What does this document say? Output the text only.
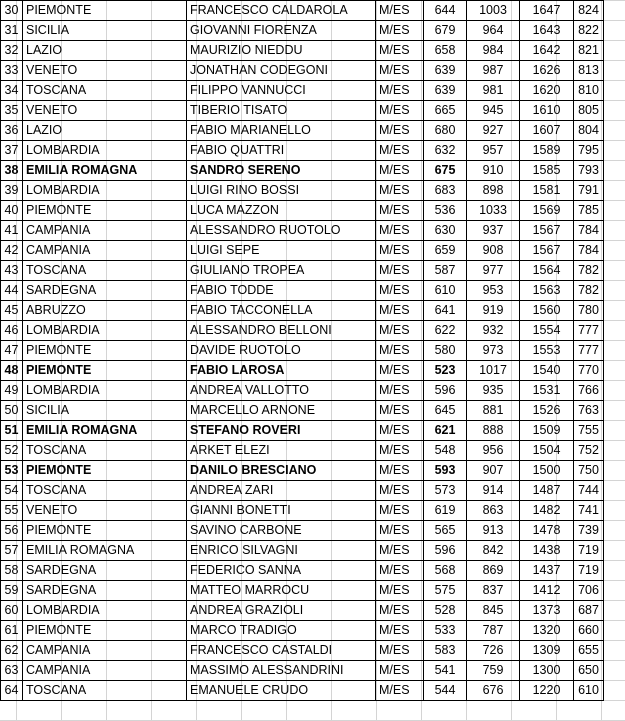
30	PIEMONTE	FRANCESCO CALDAROLA	M/ES	644	1003	1647	824
31	SICILIA	GIOVANNI FIORENZA	M/ES	679	964	1643	822
32	LAZIO	MAURIZIO NIEDDU	M/ES	658	984	1642	821
33	VENETO	JONATHAN CODEGONI	M/ES	639	987	1626	813
34	TOSCANA	FILIPPO VANNUCCI	M/ES	639	981	1620	810
35	VENETO	TIBERIO TISATO	M/ES	665	945	1610	805
36	LAZIO	FABIO MARIANELLO	M/ES	680	927	1607	804
37	LOMBARDIA	FABIO QUATTRI	M/ES	632	957	1589	795
38	EMILIA ROMAGNA	SANDRO SERENO	M/ES	675	910	1585	793
39	LOMBARDIA	LUIGI RINO BOSSI	M/ES	683	898	1581	791
40	PIEMONTE	LUCA MAZZON	M/ES	536	1033	1569	785
41	CAMPANIA	ALESSANDRO RUOTOLO	M/ES	630	937	1567	784
42	CAMPANIA	LUIGI SEPE	M/ES	659	908	1567	784
43	TOSCANA	GIULIANO TROPEA	M/ES	587	977	1564	782
44	SARDEGNA	FABIO TODDE	M/ES	610	953	1563	782
45	ABRUZZO	FABIO TACCONELLA	M/ES	641	919	1560	780
46	LOMBARDIA	ALESSANDRO BELLONI	M/ES	622	932	1554	777
47	PIEMONTE	DAVIDE RUOTOLO	M/ES	580	973	1553	777
48	PIEMONTE	FABIO LAROSA	M/ES	523	1017	1540	770
49	LOMBARDIA	ANDREA VALLOTTO	M/ES	596	935	1531	766
50	SICILIA	MARCELLO ARNONE	M/ES	645	881	1526	763
51	EMILIA ROMAGNA	STEFANO ROVERI	M/ES	621	888	1509	755
52	TOSCANA	ARKET ELEZI	M/ES	548	956	1504	752
53	PIEMONTE	DANILO BRESCIANO	M/ES	593	907	1500	750
54	TOSCANA	ANDREA ZARI	M/ES	573	914	1487	744
55	VENETO	GIANNI BONETTI	M/ES	619	863	1482	741
56	PIEMONTE	SAVINO CARBONE	M/ES	565	913	1478	739
57	EMILIA ROMAGNA	ENRICO SILVAGNI	M/ES	596	842	1438	719
58	SARDEGNA	FEDERICO SANNA	M/ES	568	869	1437	719
59	SARDEGNA	MATTEO MARROCU	M/ES	575	837	1412	706
60	LOMBARDIA	ANDREA GRAZIOLI	M/ES	528	845	1373	687
61	PIEMONTE	MARCO TRADIGO	M/ES	533	787	1320	660
62	CAMPANIA	FRANCESCO CASTALDI	M/ES	583	726	1309	655
63	CAMPANIA	MASSIMO ALESSANDRINI	M/ES	541	759	1300	650
64	TOSCANA	EMANUELE CRUDO	M/ES	544	676	1220	610
